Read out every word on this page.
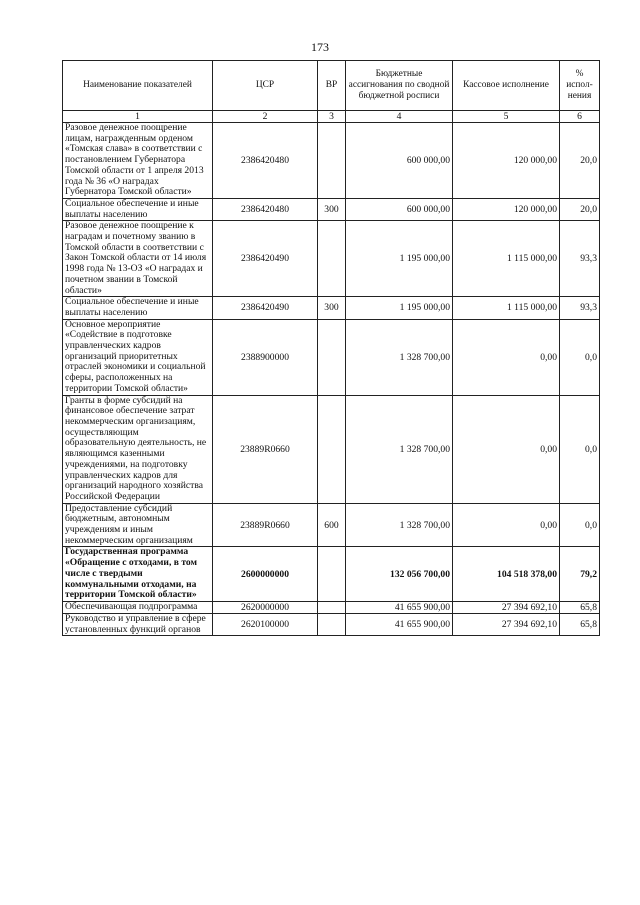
173
Наименование показателей	ЦСР	ВР	Бюджетные ассигнования по сводной бюджетной росписи	Кассовое исполнение	% испол-нения
1	2	3	4	5	6
Разовое денежное поощрение лицам, награжденным орденом «Томская слава» в соответствии с постановлением Губернатора Томской области от 1 апреля 2013 года № 36 «О наградах Губернатора Томской области»	2386420480		600 000,00	120 000,00	20,0
Социальное обеспечение и иные выплаты населению	2386420480	300	600 000,00	120 000,00	20,0
Разовое денежное поощрение к наградам и почетному званию в Томской области в соответствии с Закон Томской области от 14 июля 1998 года № 13-ОЗ «О наградах и почетном звании в Томской области»	2386420490		1 195 000,00	1 115 000,00	93,3
Социальное обеспечение и иные выплаты населению	2386420490	300	1 195 000,00	1 115 000,00	93,3
Основное мероприятие «Содействие в подготовке управленческих кадров организаций приоритетных отраслей экономики и социальной сферы, расположенных на территории Томской области»	2388900000		1 328 700,00	0,00	0,0
Гранты в форме субсидий на финансовое обеспечение затрат некоммерческим организациям, осуществляющим образовательную деятельность, не являющимся казенными учреждениями, на подготовку управленческих кадров для организаций народного хозяйства Российской Федерации	23889R0660		1 328 700,00	0,00	0,0
Предоставление субсидий бюджетным, автономным учреждениям и иным некоммерческим организациям	23889R0660	600	1 328 700,00	0,00	0,0
Государственная программа «Обращение с отходами, в том числе с твердыми коммунальными отходами, на территории Томской области»	2600000000		132 056 700,00	104 518 378,00	79,2
Обеспечивающая подпрограмма	2620000000		41 655 900,00	27 394 692,10	65,8
Руководство и управление в сфере установленных функций органов	2620100000		41 655 900,00	27 394 692,10	65,8
